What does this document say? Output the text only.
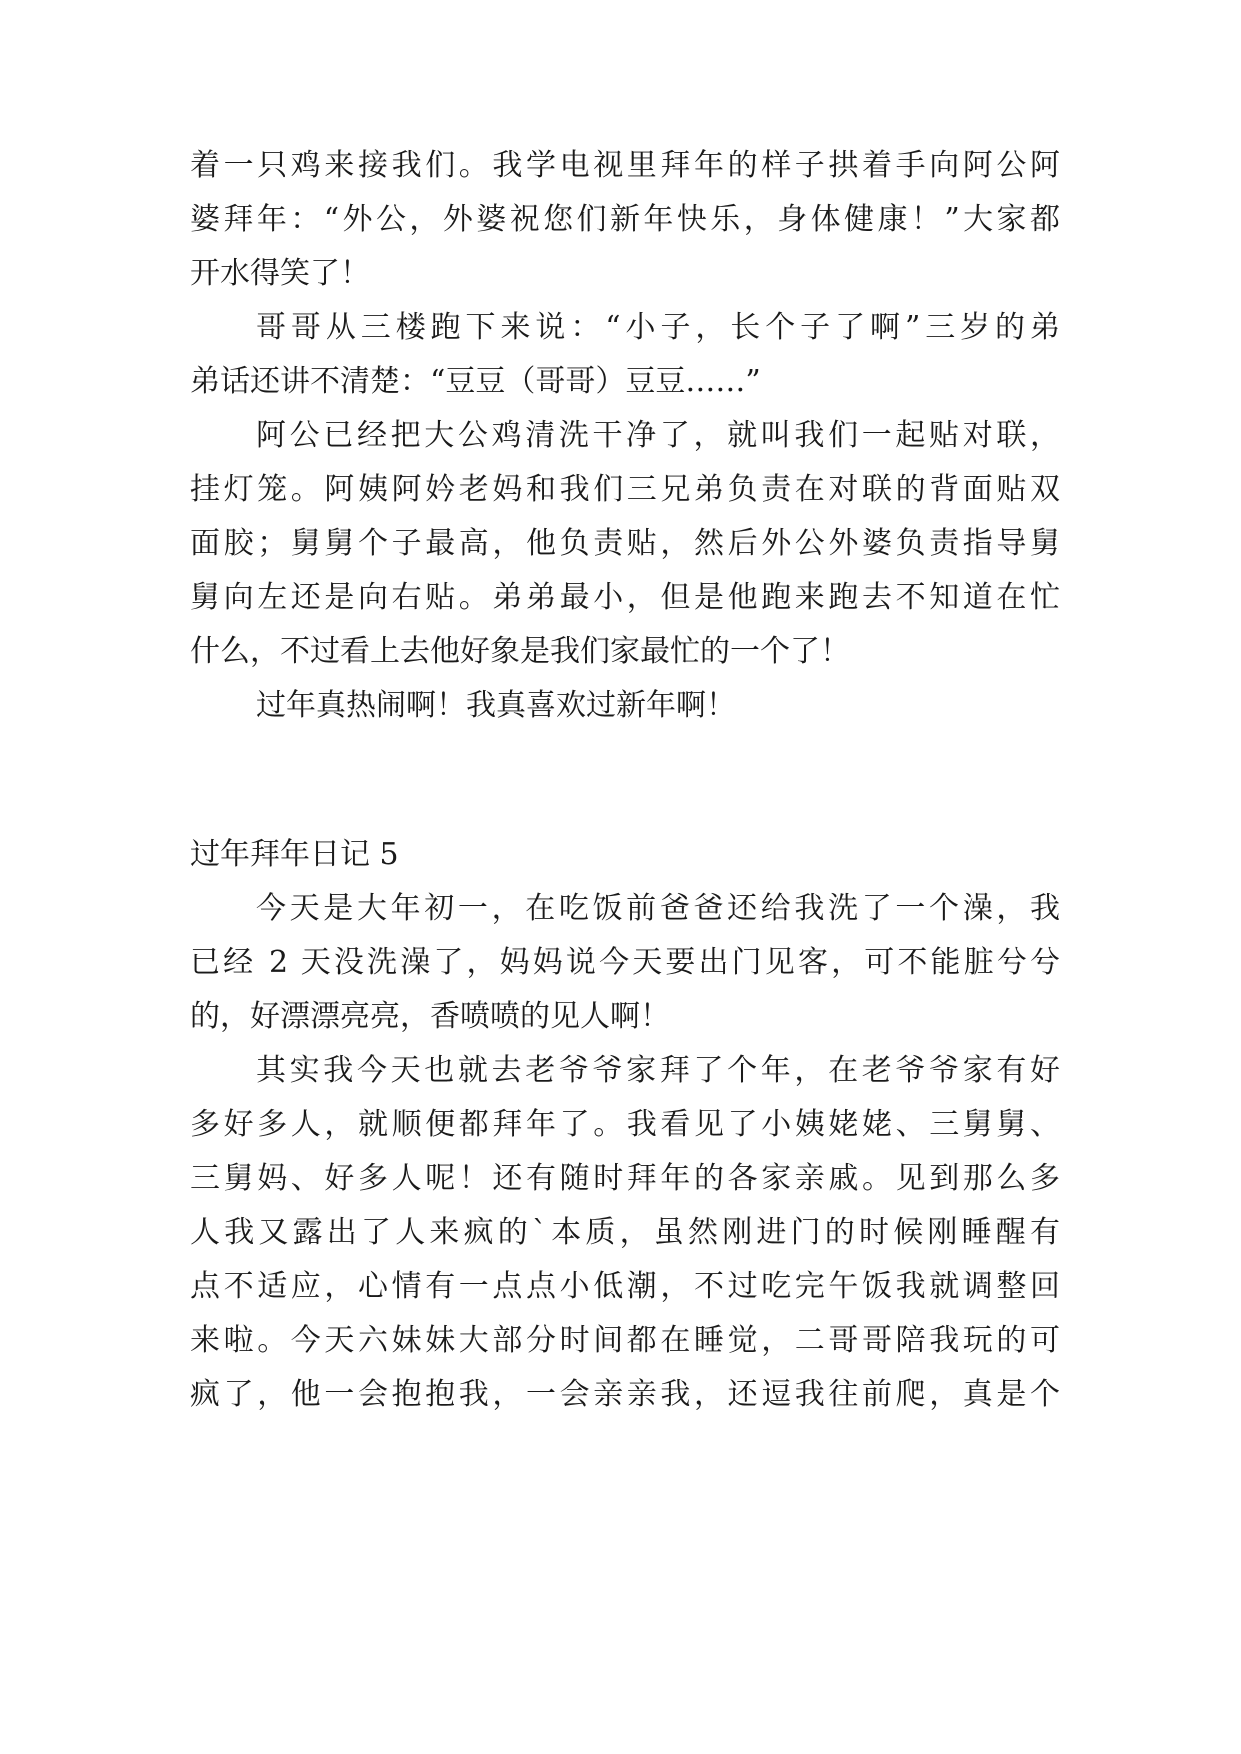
着一只鸡来接我们。我学电视里拜年的样子拱着手向阿公阿
婆拜年：“外公，外婆祝您们新年快乐，身体健康！”大家都
开水得笑了！
哥哥从三楼跑下来说：“小子，长个子了啊”三岁的弟
弟话还讲不清楚：“豆豆（哥哥）豆豆……”
阿公已经把大公鸡清洗干净了，就叫我们一起贴对联，
挂灯笼。阿姨阿妗老妈和我们三兄弟负责在对联的背面贴双
面胶；舅舅个子最高，他负责贴，然后外公外婆负责指导舅
舅向左还是向右贴。弟弟最小，但是他跑来跑去不知道在忙
什么，不过看上去他好象是我们家最忙的一个了！
过年真热闹啊！我真喜欢过新年啊！
过年拜年日记 5
今天是大年初一，在吃饭前爸爸还给我洗了一个澡，我
已经 2 天没洗澡了，妈妈说今天要出门见客，可不能脏兮兮
的，好漂漂亮亮，香喷喷的见人啊！
其实我今天也就去老爷爷家拜了个年，在老爷爷家有好
多好多人，就顺便都拜年了。我看见了小姨姥姥、三舅舅、
三舅妈、好多人呢！还有随时拜年的各家亲戚。见到那么多
人我又露出了人来疯的`本质，虽然刚进门的时候刚睡醒有
点不适应，心情有一点点小低潮，不过吃完午饭我就调整回
来啦。今天六妹妹大部分时间都在睡觉，二哥哥陪我玩的可
疯了，他一会抱抱我，一会亲亲我，还逗我往前爬，真是个
